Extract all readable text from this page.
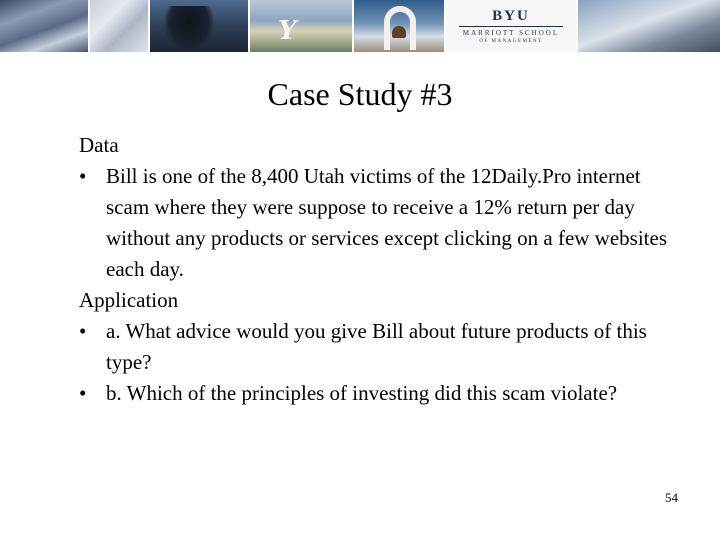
Y
BYU
MARRIOTT SCHOOL
OF MANAGEMENT
Case Study #3

Data

• Bill is one of the 8,400 Utah victims of the 12Daily.Pro internet scam where they were suppose to receive a 12% return per day without any products or services except clicking on a few websites each day.

Application

• a. What advice would you give Bill about future products of this type?
• b. Which of the principles of investing did this scam violate?
54
